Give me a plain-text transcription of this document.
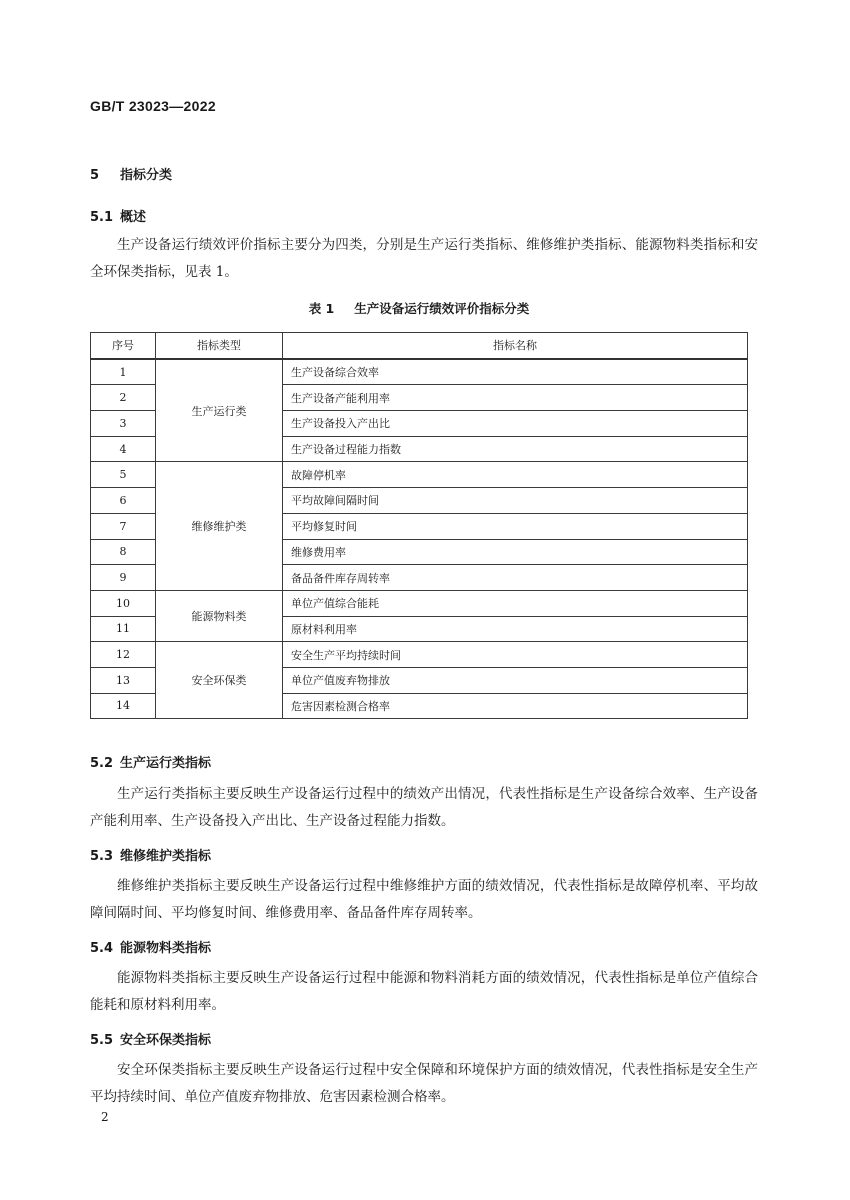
GB/T 23023—2022
5 指标分类
5.1 概述

生产设备运行绩效评价指标主要分为四类，分别是生产运行类指标、维修维护类指标、能源物料类指标和安全环保类指标，见表 1。

表 1 生产设备运行绩效评价指标分类
序号	指标类型	指标名称
1	生产运行类	生产设备综合效率
2		生产设备产能利用率
3		生产设备投入产出比
4		生产设备过程能力指数
5	维修维护类	故障停机率
6		平均故障间隔时间
7		平均修复时间
8		维修费用率
9		备品备件库存周转率
10	能源物料类	单位产值综合能耗
11		原材料利用率
12	安全环保类	安全生产平均持续时间
13		单位产值废弃物排放
14		危害因素检测合格率
5.2 生产运行类指标

生产运行类指标主要反映生产设备运行过程中的绩效产出情况，代表性指标是生产设备综合效率、生产设备产能利用率、生产设备投入产出比、生产设备过程能力指数。

5.3 维修维护类指标

维修维护类指标主要反映生产设备运行过程中维修维护方面的绩效情况，代表性指标是故障停机率、平均故障间隔时间、平均修复时间、维修费用率、备品备件库存周转率。

5.4 能源物料类指标

能源物料类指标主要反映生产设备运行过程中能源和物料消耗方面的绩效情况，代表性指标是单位产值综合能耗和原材料利用率。

5.5 安全环保类指标

安全环保类指标主要反映生产设备运行过程中安全保障和环境保护方面的绩效情况，代表性指标是安全生产平均持续时间、单位产值废弃物排放、危害因素检测合格率。

2
